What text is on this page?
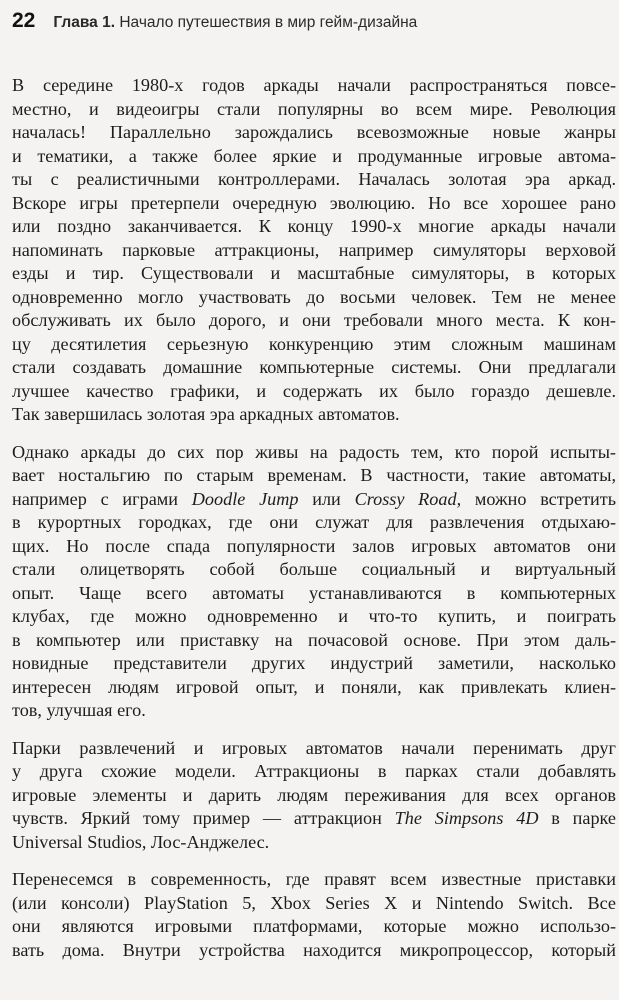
22 Глава 1. Начало путешествия в мир гейм-дизайна
В середине 1980-х годов аркады начали распространяться повсе-
местно, и видеоигры стали популярны во всем мире. Революция
началась! Параллельно зарождались всевозможные новые жанры
и тематики, а также более яркие и продуманные игровые автома-
ты с реалистичными контроллерами. Началась золотая эра аркад.
Вскоре игры претерпели очередную эволюцию. Но все хорошее рано
или поздно заканчивается. К концу 1990-х многие аркады начали
напоминать парковые аттракционы, например симуляторы верховой
езды и тир. Существовали и масштабные симуляторы, в которых
одновременно могло участвовать до восьми человек. Тем не менее
обслуживать их было дорого, и они требовали много места. К кон-
цу десятилетия серьезную конкуренцию этим сложным машинам
стали создавать домашние компьютерные системы. Они предлагали
лучшее качество графики, и содержать их было гораздо дешевле.
Так завершилась золотая эра аркадных автоматов.
Однако аркады до сих пор живы на радость тем, кто порой испыты-
вает ностальгию по старым временам. В частности, такие автоматы,
например с играми Doodle Jump или Crossy Road, можно встретить
в курортных городках, где они служат для развлечения отдыхаю-
щих. Но после спада популярности залов игровых автоматов они
стали олицетворять собой больше социальный и виртуальный
опыт. Чаще всего автоматы устанавливаются в компьютерных
клубах, где можно одновременно и что-то купить, и поиграть
в компьютер или приставку на почасовой основе. При этом даль-
новидные представители других индустрий заметили, насколько
интересен людям игровой опыт, и поняли, как привлекать клиен-
тов, улучшая его.
Парки развлечений и игровых автоматов начали перенимать друг
у друга схожие модели. Аттракционы в парках стали добавлять
игровые элементы и дарить людям переживания для всех органов
чувств. Яркий тому пример — аттракцион The Simpsons 4D в парке
Universal Studios, Лос-Анджелес.
Перенесемся в современность, где правят всем известные приставки
(или консоли) PlayStation 5, Xbox Series X и Nintendo Switch. Все
они являются игровыми платформами, которые можно использо-
вать дома. Внутри устройства находится микропроцессор, который
